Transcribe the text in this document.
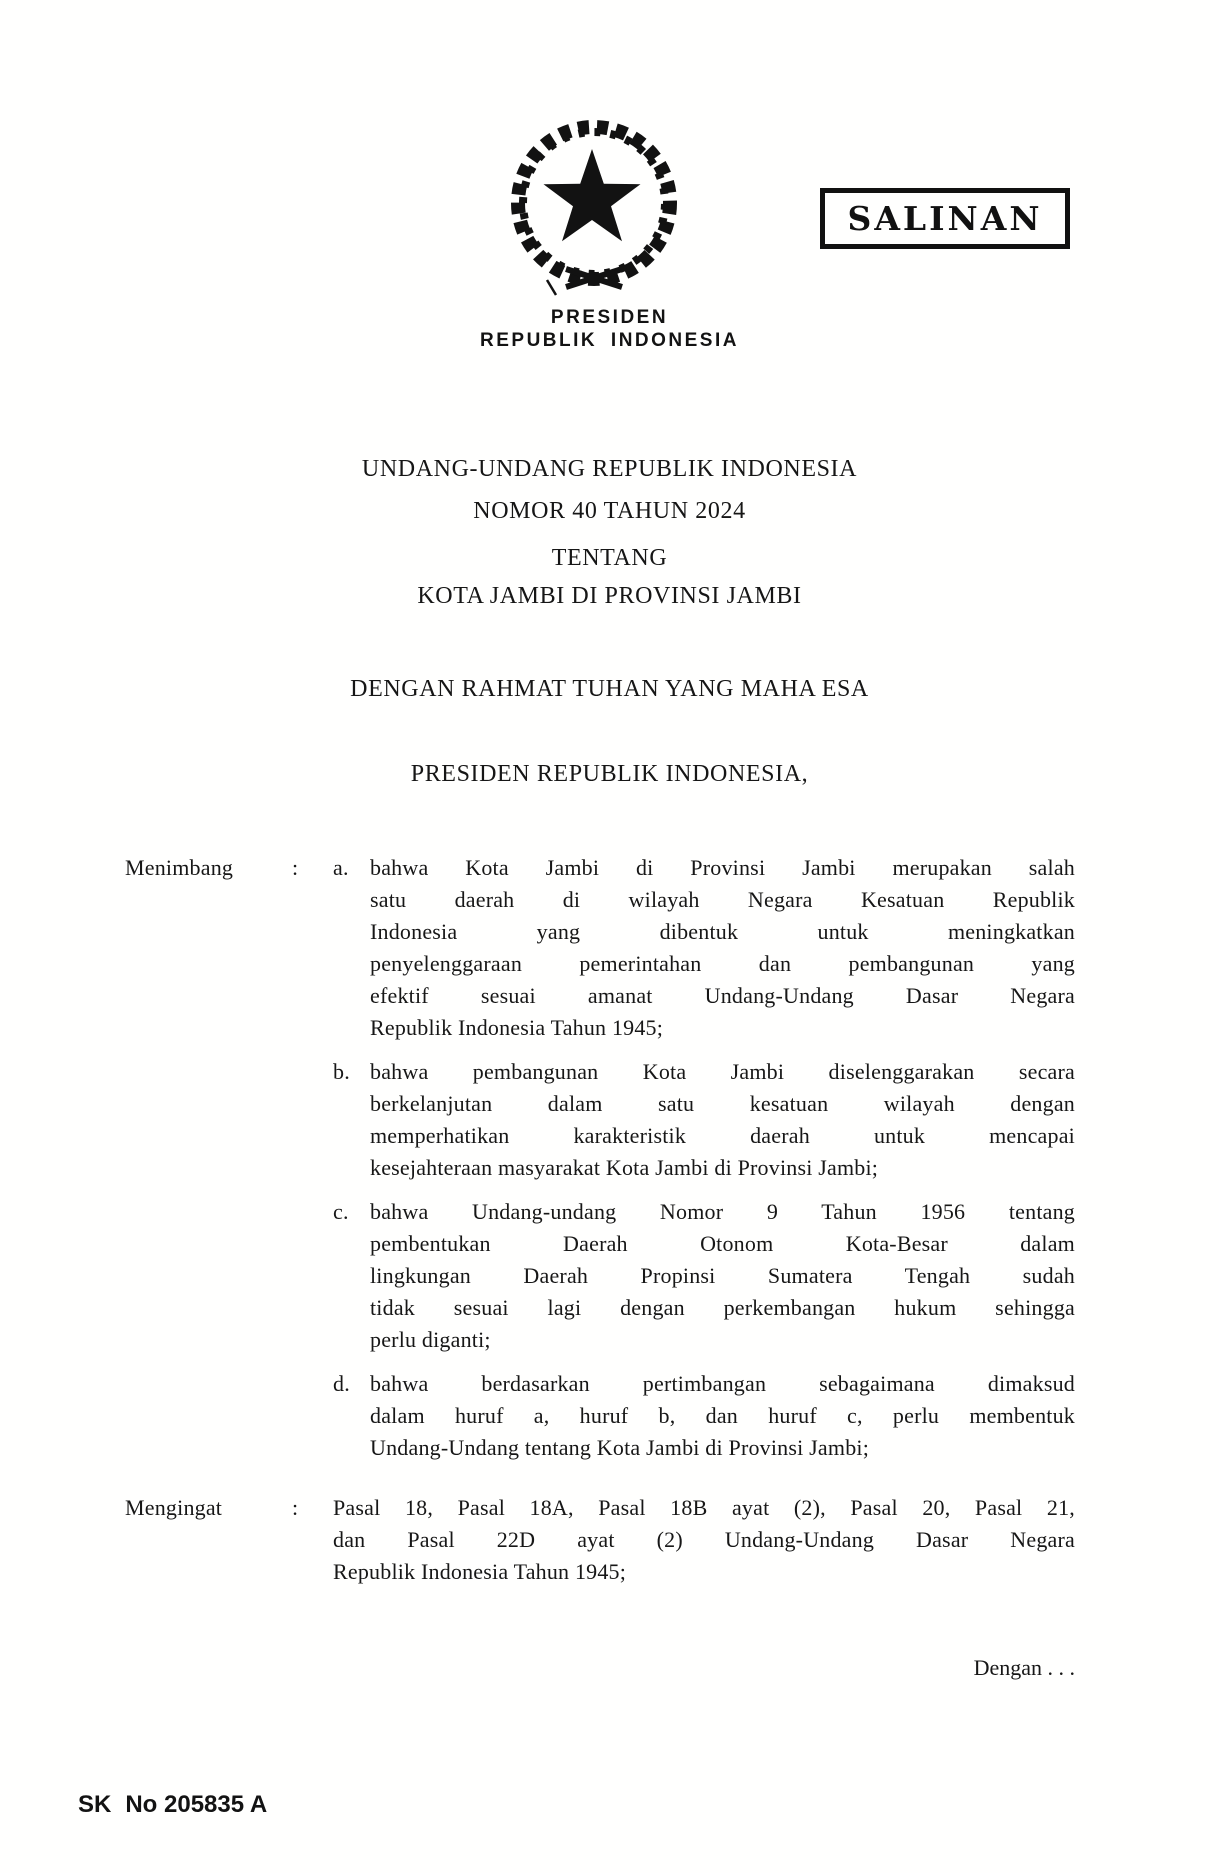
SALINAN
PRESIDEN
REPUBLIK INDONESIA
UNDANG-UNDANG REPUBLIK INDONESIA
NOMOR 40 TAHUN 2024
TENTANG
KOTA JAMBI DI PROVINSI JAMBI
DENGAN RAHMAT TUHAN YANG MAHA ESA
PRESIDEN REPUBLIK INDONESIA,
Menimbang	:	a. bahwa Kota Jambi di Provinsi Jambi merupakan salah
satu daerah di wilayah Negara Kesatuan Republik
Indonesia yang dibentuk untuk meningkatkan
penyelenggaraan pemerintahan dan pembangunan yang
efektif sesuai amanat Undang-Undang Dasar Negara
Republik Indonesia Tahun 1945;
b. bahwa pembangunan Kota Jambi diselenggarakan secara
berkelanjutan dalam satu kesatuan wilayah dengan
memperhatikan karakteristik daerah untuk mencapai
kesejahteraan masyarakat Kota Jambi di Provinsi Jambi;
c. bahwa Undang-undang Nomor 9 Tahun 1956 tentang
pembentukan Daerah Otonom Kota-Besar dalam
lingkungan Daerah Propinsi Sumatera Tengah sudah
tidak sesuai lagi dengan perkembangan hukum sehingga
perlu diganti;
d. bahwa berdasarkan pertimbangan sebagaimana dimaksud
dalam huruf a, huruf b, dan huruf c, perlu membentuk
Undang-Undang tentang Kota Jambi di Provinsi Jambi;
Mengingat	:	Pasal 18, Pasal 18A, Pasal 18B ayat (2), Pasal 20, Pasal 21,
dan Pasal 22D ayat (2) Undang-Undang Dasar Negara
Republik Indonesia Tahun 1945;
Dengan . . .
SK No 205835 A
